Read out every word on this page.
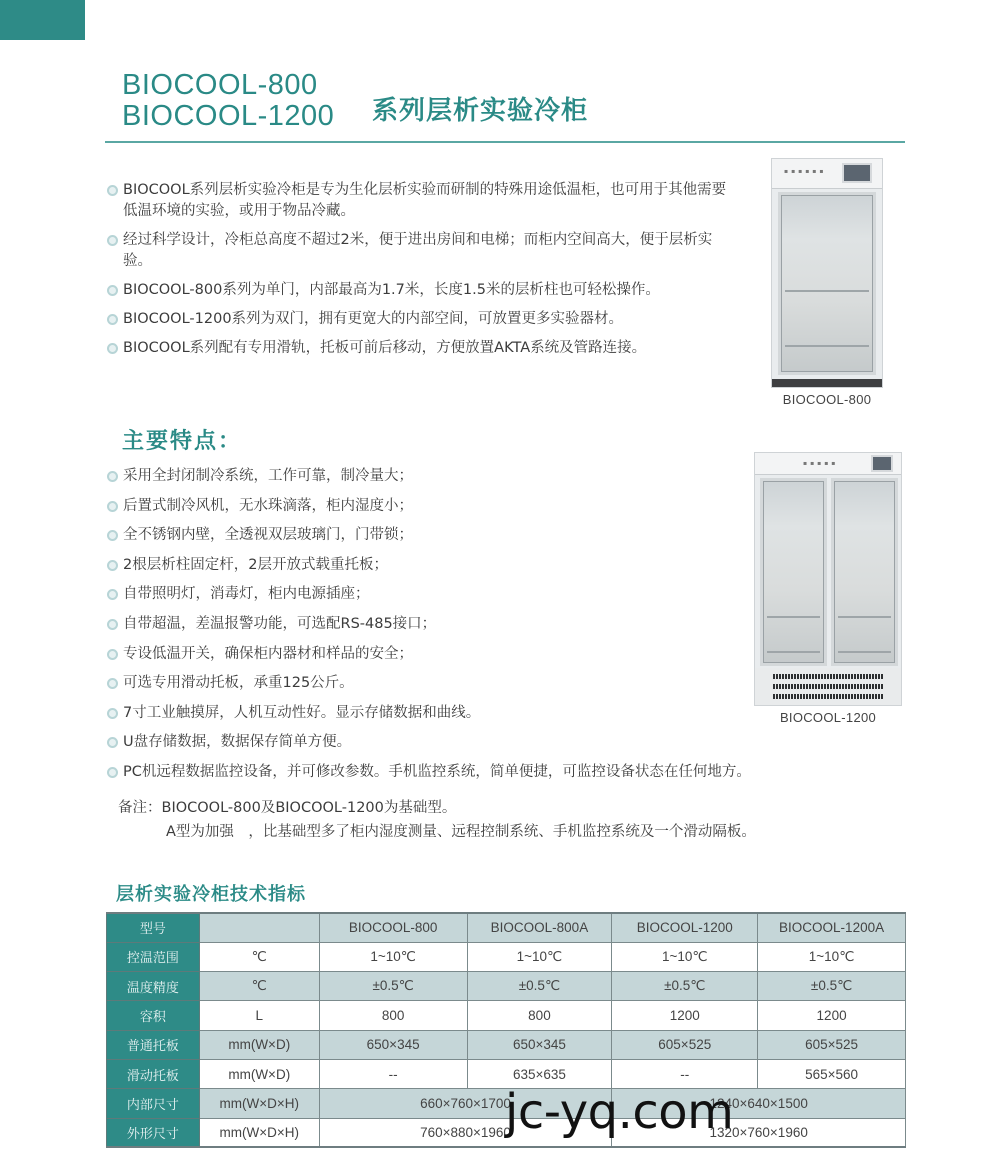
BIOCOOL-800
BIOCOOL-1200 系列层析实验冷柜
BIOCOOL系列层析实验冷柜是专为生化层析实验而研制的特殊用途低温柜，也可用于其他需要低温环境的实验，或用于物品冷藏。
经过科学设计，冷柜总高度不超过2米，便于进出房间和电梯；而柜内空间高大，便于层析实验。
BIOCOOL-800系列为单门，内部最高为1.7米，长度1.5米的层析柱也可轻松操作。
BIOCOOL-1200系列为双门，拥有更宽大的内部空间，可放置更多实验器材。
BIOCOOL系列配有专用滑轨，托板可前后移动，方便放置AKTA系统及管路连接。
▪▪▪▪▪▪
BIOCOOL-800
▪▪▪▪▪
BIOCOOL-1200
主要特点：
采用全封闭制冷系统，工作可靠，制冷量大；
后置式制冷风机，无水珠滴落，柜内湿度小；
全不锈钢内壁，全透视双层玻璃门，门带锁；
2根层析柱固定杆，2层开放式载重托板；
自带照明灯，消毒灯，柜内电源插座；
自带超温，差温报警功能，可选配RS-485接口；
专设低温开关，确保柜内器材和样品的安全；
可选专用滑动托板，承重125公斤。
7寸工业触摸屏，人机互动性好。显示存储数据和曲线。
U盘存储数据，数据保存简单方便。
PC机远程数据监控设备，并可修改参数。手机监控系统，简单便捷，可监控设备状态在任何地方。
备注：BIOCOOL-800及BIOCOOL-1200为基础型。
A型为加强　，比基础型多了柜内湿度测量、远程控制系统、手机监控系统及一个滑动隔板。
层析实验冷柜技术指标
型号		BIOCOOL-800	BIOCOOL-800A	BIOCOOL-1200	BIOCOOL-1200A
控温范围	℃	1~10℃	1~10℃	1~10℃	1~10℃
温度精度	℃	±0.5℃	±0.5℃	±0.5℃	±0.5℃
容积	L	800	800	1200	1200
普通托板	mm(W×D)	650×345	650×345	605×525	605×525
滑动托板	mm(W×D)	--	635×635	--	565×560
内部尺寸	mm(W×D×H)	660×760×1700		1240×640×1500	
外形尺寸	mm(W×D×H)	760×880×1960		1320×760×1960	
jc-yq.com
